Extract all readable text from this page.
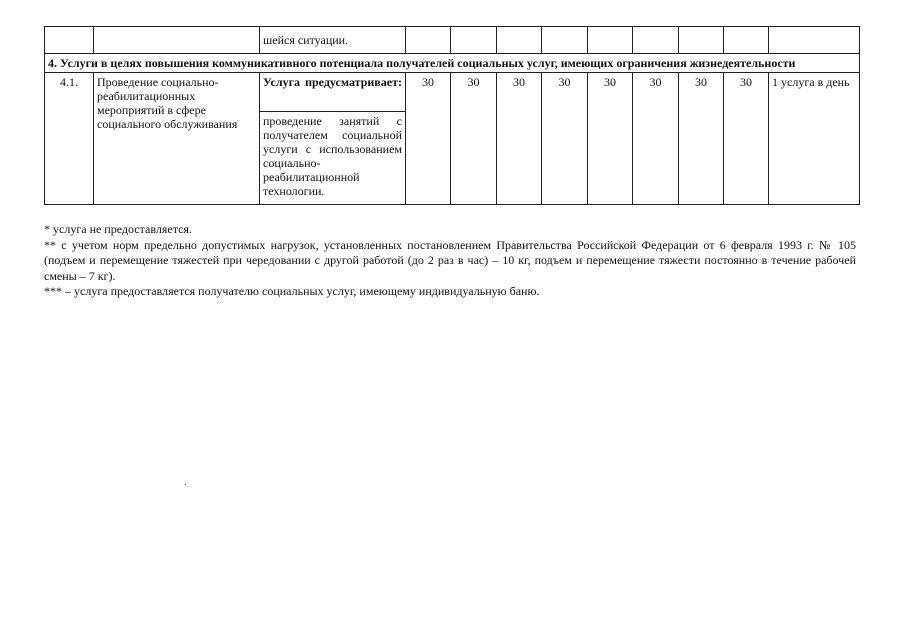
		шейся ситуации.									
4. Услуги в целях повышения коммуникативного потенциала получателей социальных услуг, имеющих ограничения жизнедеятельности											
4.1.	Проведение социально-реабилитационных мероприятий в сфере социального обслуживания	Услуга предусматривает:	30	30	30	30	30	30	30	30	1 услуга в день
		проведение занятий с получателем социальной услуги с использованием социально-реабилитационной технологии.									

* услуга не предоставляется.

** с учетом норм предельно допустимых нагрузок, установленных постановлением Правительства Российской Федерации от 6 февраля 1993 г. № 105 (подъем и перемещение тяжестей при чередовании с другой работой (до 2 раз в час) – 10 кг, подъем и перемещение тяжести постоянно в течение рабочей смены – 7 кг).

*** – услуга предоставляется получателю социальных услуг, имеющему индивидуальную баню.
